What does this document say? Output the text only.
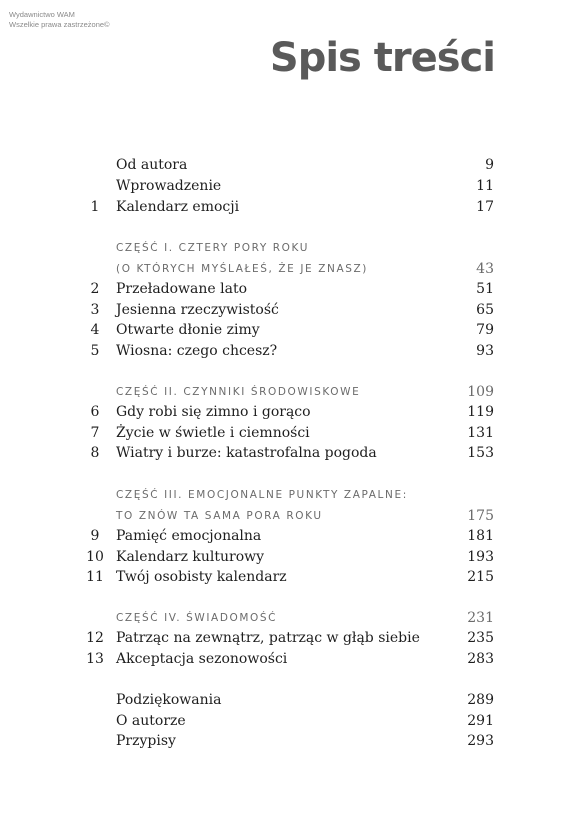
Wydawnictwo WAM
Wszelkie prawa zastrzeżone©
Spis treści
Od autora	9
Wprowadzenie	11
1	Kalendarz emocji	17
CZĘŚĆ I. CZTERY PORY ROKU
(O KTÓRYCH MYŚLAŁEŚ, ŻE JE ZNASZ)	43
2	Przeładowane lato	51
3	Jesienna rzeczywistość	65
4	Otwarte dłonie zimy	79
5	Wiosna: czego chcesz?	93
CZĘŚĆ II. CZYNNIKI ŚRODOWISKOWE	109
6	Gdy robi się zimno i gorąco	119
7	Życie w świetle i ciemności	131
8	Wiatry i burze: katastrofalna pogoda	153
CZĘŚĆ III. EMOCJONALNE PUNKTY ZAPALNE:
TO ZNÓW TA SAMA PORA ROKU	175
9	Pamięć emocjonalna	181
10 Kalendarz kulturowy	193
11 Twój osobisty kalendarz	215
CZĘŚĆ IV. ŚWIADOMOŚĆ	231
12 Patrząc na zewnątrz, patrząc w głąb siebie	235
13 Akceptacja sezonowości	283
Podziękowania	289
O autorze	291
Przypisy	293
